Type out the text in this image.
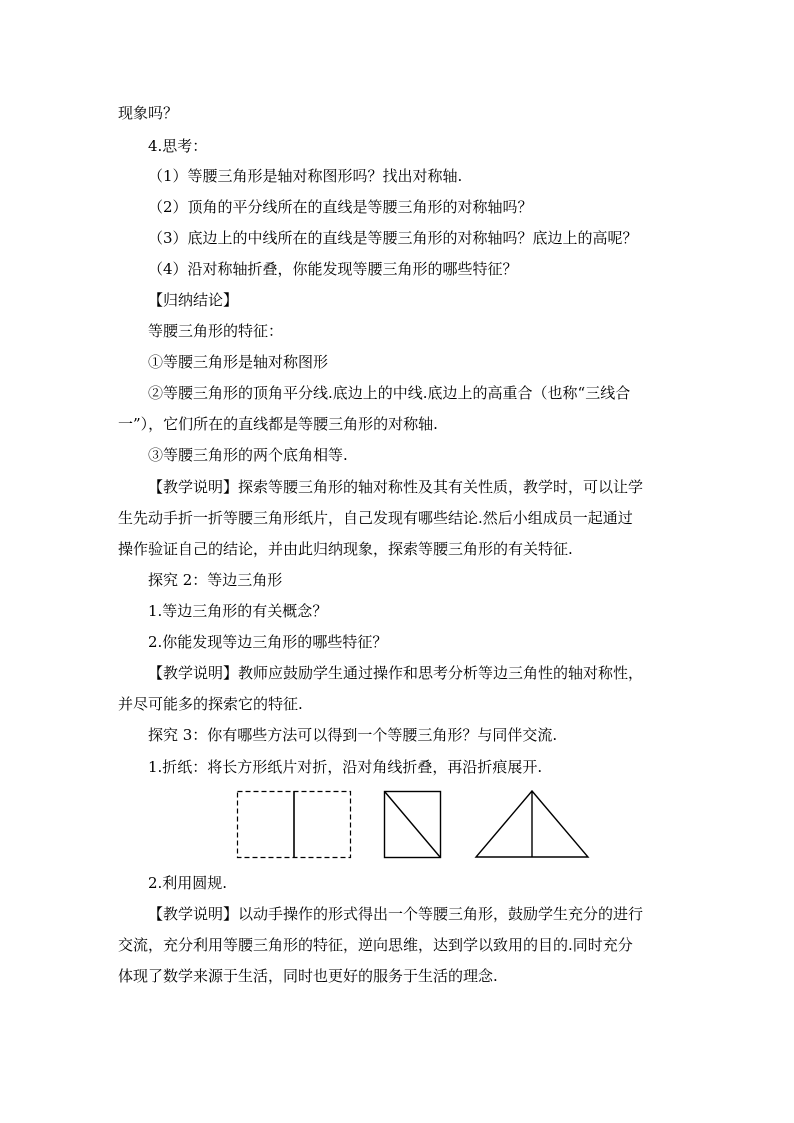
现象吗？
4.思考：
（1）等腰三角形是轴对称图形吗？找出对称轴.
（2）顶角的平分线所在的直线是等腰三角形的对称轴吗？
（3）底边上的中线所在的直线是等腰三角形的对称轴吗？底边上的高呢？
（4）沿对称轴折叠，你能发现等腰三角形的哪些特征？
【归纳结论】
等腰三角形的特征：
①等腰三角形是轴对称图形
②等腰三角形的顶角平分线.底边上的中线.底边上的高重合（也称“三线合
一”），它们所在的直线都是等腰三角形的对称轴.
③等腰三角形的两个底角相等.
【教学说明】探索等腰三角形的轴对称性及其有关性质，教学时，可以让学
生先动手折一折等腰三角形纸片，自己发现有哪些结论.然后小组成员一起通过
操作验证自己的结论，并由此归纳现象，探索等腰三角形的有关特征.
探究 2：等边三角形
1.等边三角形的有关概念？
2.你能发现等边三角形的哪些特征？
【教学说明】教师应鼓励学生通过操作和思考分析等边三角性的轴对称性，
并尽可能多的探索它的特征.
探究 3：你有哪些方法可以得到一个等腰三角形？与同伴交流.
1.折纸：将长方形纸片对折，沿对角线折叠，再沿折痕展开.
2.利用圆规.
【教学说明】以动手操作的形式得出一个等腰三角形，鼓励学生充分的进行
交流，充分利用等腰三角形的特征，逆向思维，达到学以致用的目的.同时充分
体现了数学来源于生活，同时也更好的服务于生活的理念.
